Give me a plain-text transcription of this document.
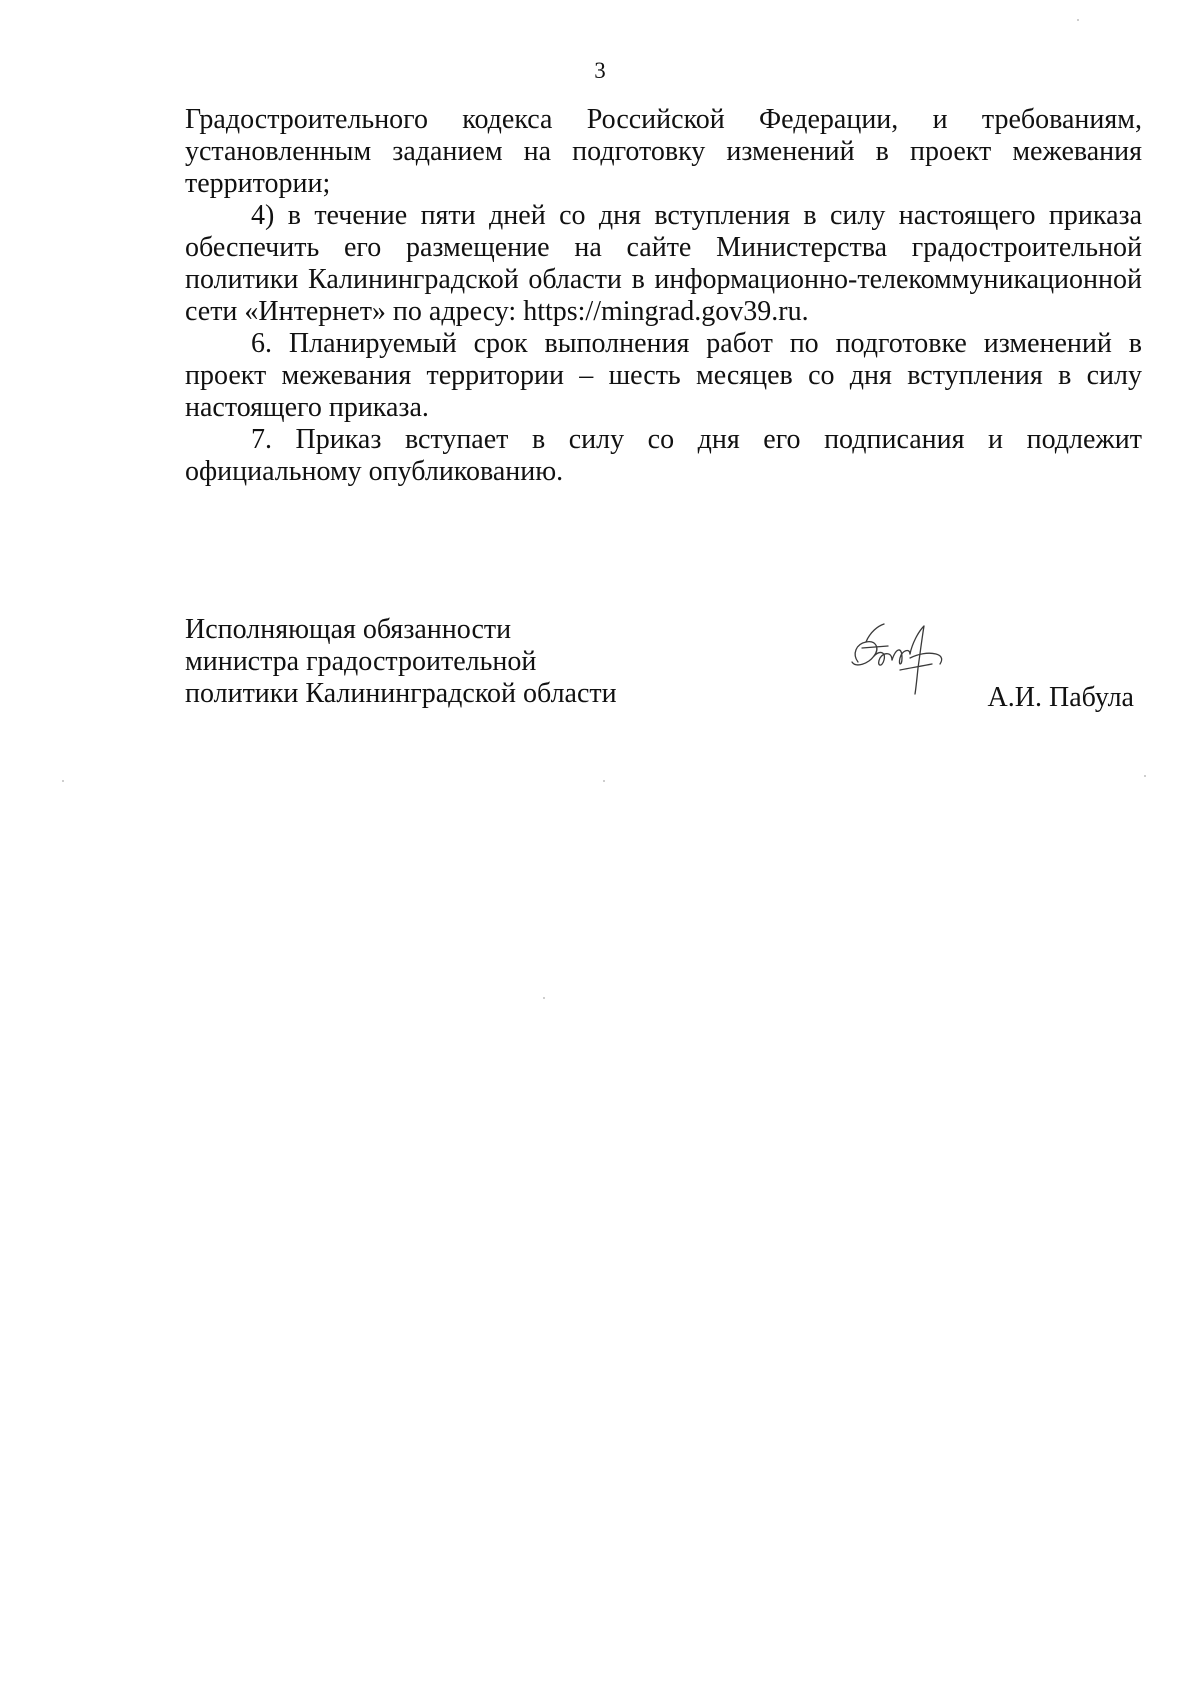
3

Градостроительного кодекса Российской Федерации, и требованиям, установленным заданием на подготовку изменений в проект межевания территории;

4) в течение пяти дней со дня вступления в силу настоящего приказа обеспечить его размещение на сайте Министерства градостроительной политики Калининградской области в информационно-телекоммуникационной сети «Интернет» по адресу: https://mingrad.gov39.ru.

6. Планируемый срок выполнения работ по подготовке изменений в проект межевания территории – шесть месяцев со дня вступления в силу настоящего приказа.

7. Приказ вступает в силу со дня его подписания и подлежит официальному опубликованию.

Исполняющая обязанности
министра градостроительной
политики Калининградской области	А.И. Пабула
